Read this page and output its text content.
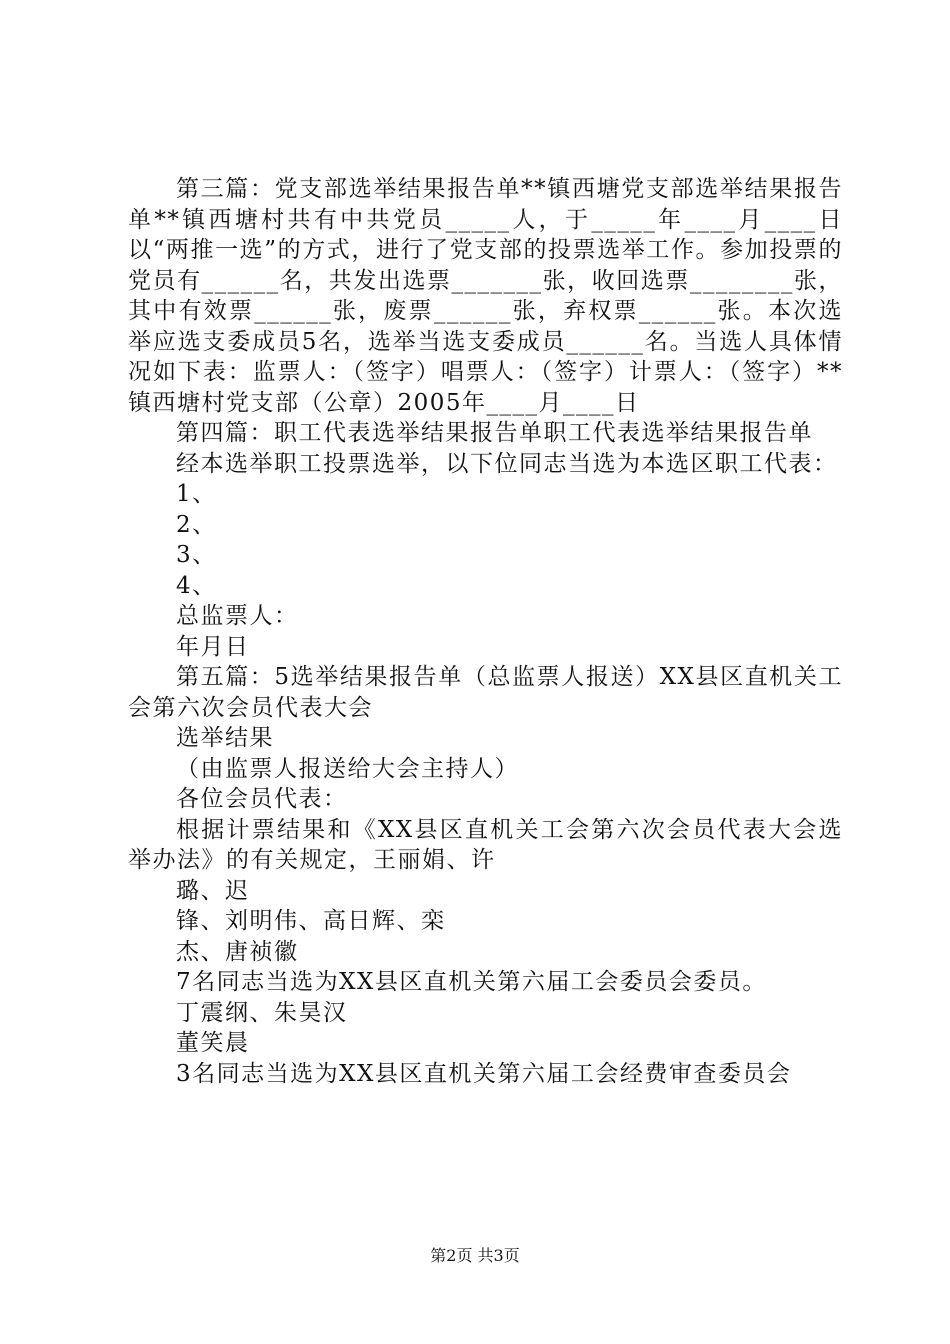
第三篇：党支部选举结果报告单**镇西塘党支部选举结果报告单**镇西塘村共有中共党员_____人，于_____年____月____日以“两推一选”的方式，进行了党支部的投票选举工作。参加投票的党员有______名，共发出选票_______张，收回选票________张，其中有效票______张，废票______张，弃权票______张。本次选举应选支委成员5名，选举当选支委成员______名。当选人具体情况如下表：监票人：（签字）唱票人：（签字）计票人：（签字）**镇西塘村党支部（公章）2005年____月____日

第四篇：职工代表选举结果报告单职工代表选举结果报告单

经本选举职工投票选举，以下位同志当选为本选区职工代表：

1、

2、

3、

4、

总监票人：

年月日

第五篇：5选举结果报告单（总监票人报送）XX县区直机关工会第六次会员代表大会

选举结果

（由监票人报送给大会主持人）

各位会员代表：

根据计票结果和《XX县区直机关工会第六次会员代表大会选举办法》的有关规定，王丽娟、许

璐、迟

锋、刘明伟、高日辉、栾

杰、唐祯徽

7名同志当选为XX县区直机关第六届工会委员会委员。

丁震纲、朱昊汉

董笑晨

3名同志当选为XX县区直机关第六届工会经费审查委员会

第2页 共3页
